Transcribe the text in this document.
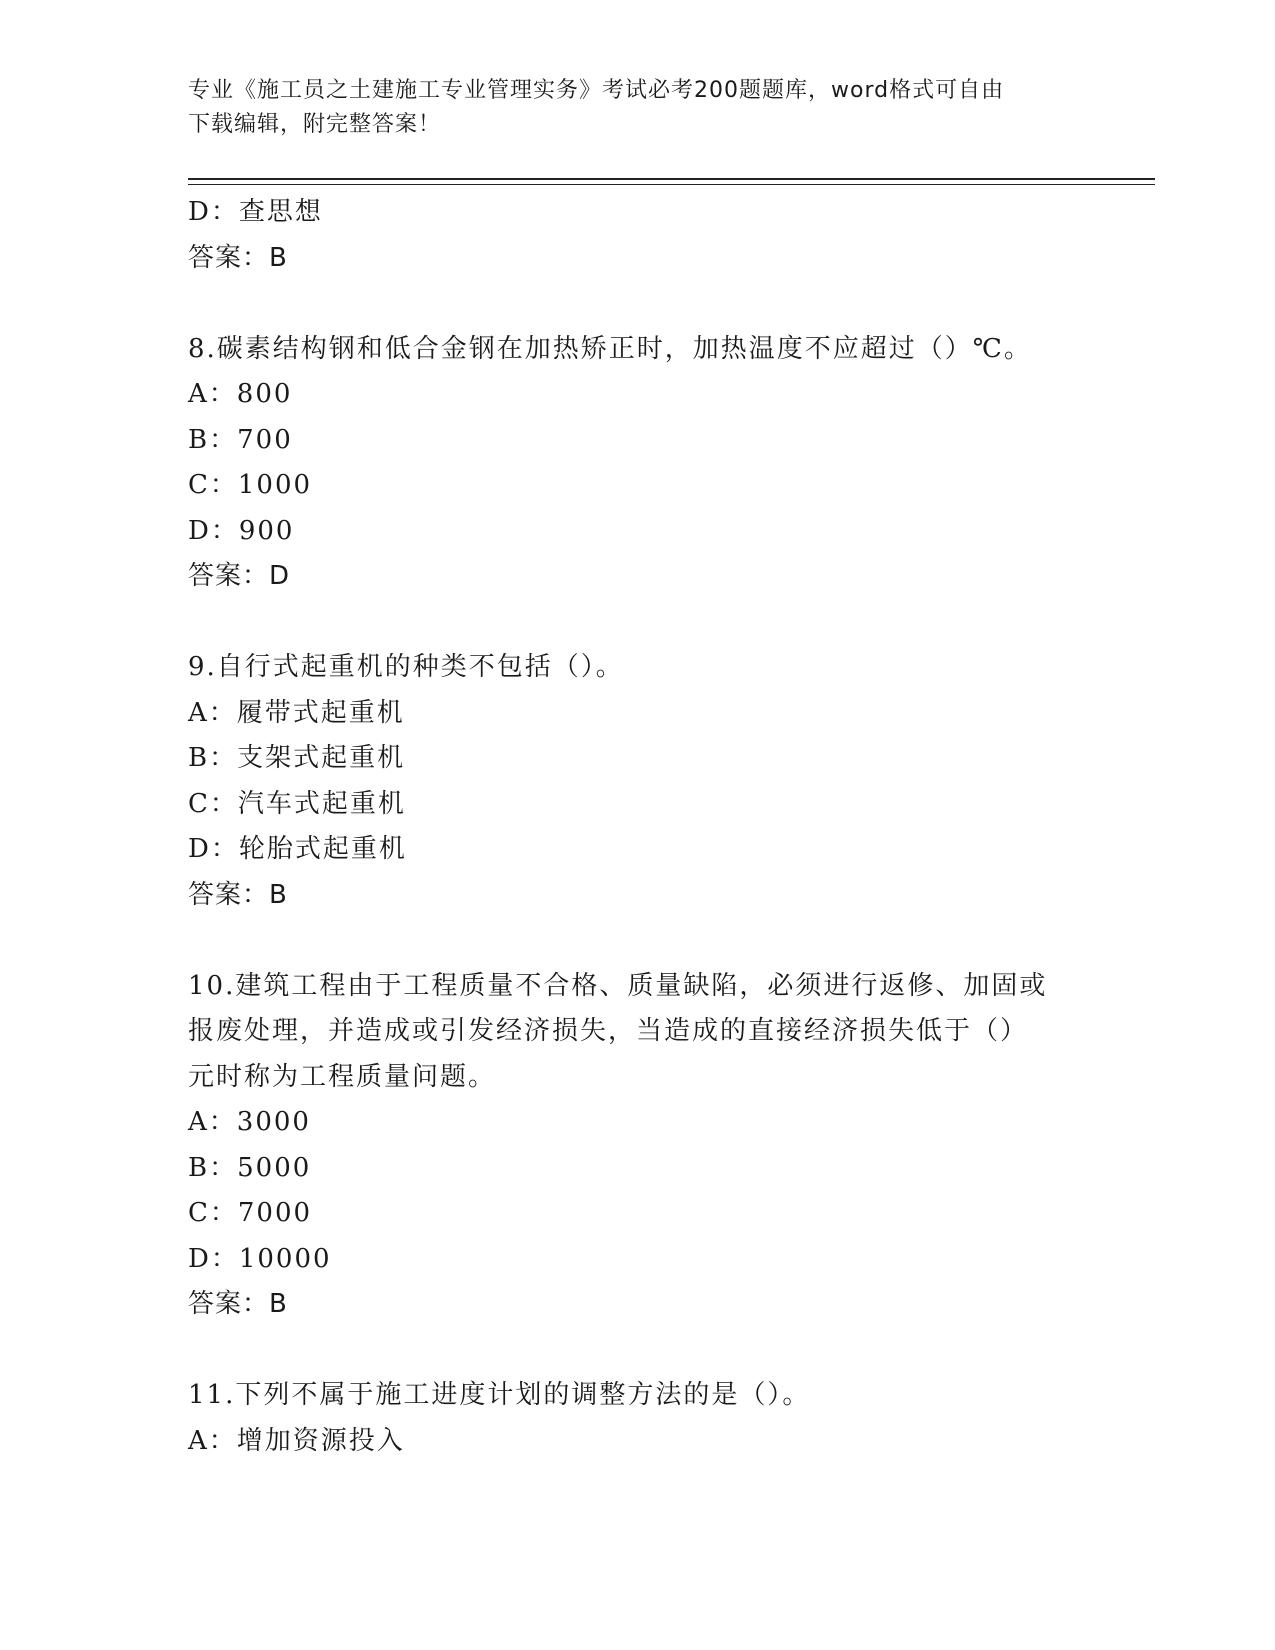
专业《施工员之土建施工专业管理实务》考试必考200题题库，word格式可自由
下载编辑，附完整答案！
D：查思想
答案：B
8.碳素结构钢和低合金钢在加热矫正时，加热温度不应超过（）℃。
A：800
B：700
C：1000
D：900
答案：D
9.自行式起重机的种类不包括（）。
A：履带式起重机
B：支架式起重机
C：汽车式起重机
D：轮胎式起重机
答案：B
10.建筑工程由于工程质量不合格、质量缺陷，必须进行返修、加固或
报废处理，并造成或引发经济损失，当造成的直接经济损失低于（）
元时称为工程质量问题。
A：3000
B：5000
C：7000
D：10000
答案：B
11.下列不属于施工进度计划的调整方法的是（）。
A：增加资源投入
